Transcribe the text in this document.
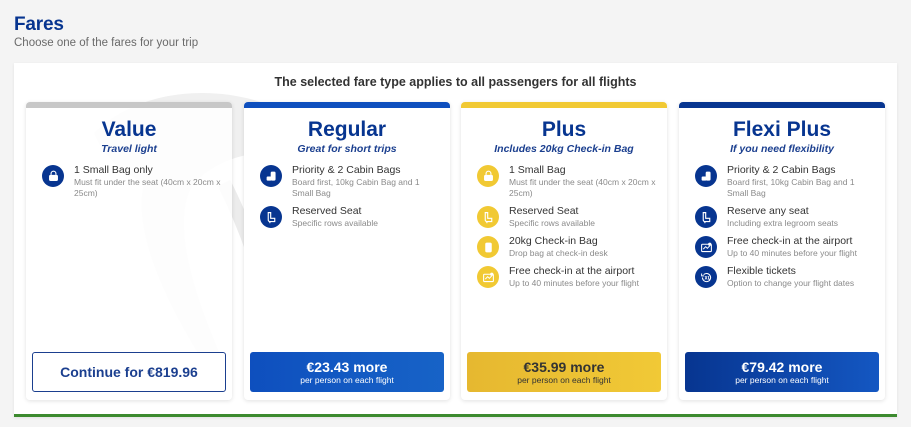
Fares
Choose one of the fares for your trip
The selected fare type applies to all passengers for all flights
Value
Travel light
1 Small Bag only
Must fit under the seat (40cm x 20cm x 25cm)
Continue for €819.96
Regular
Great for short trips
Priority & 2 Cabin Bags
Board first, 10kg Cabin Bag and 1 Small Bag
Reserved Seat
Specific rows available
€23.43 more
per person on each flight
Plus
Includes 20kg Check-in Bag
1 Small Bag
Must fit under the seat (40cm x 20cm x 25cm)
Reserved Seat
Specific rows available
20kg Check-in Bag
Drop bag at check-in desk
Free check-in at the airport
Up to 40 minutes before your flight
€35.99 more
per person on each flight
Flexi Plus
If you need flexibility
Priority & 2 Cabin Bags
Board first, 10kg Cabin Bag and 1 Small Bag
Reserve any seat
Including extra legroom seats
Free check-in at the airport
Up to 40 minutes before your flight
XL
Flexible tickets
Option to change your flight dates
€79.42 more
per person on each flight
